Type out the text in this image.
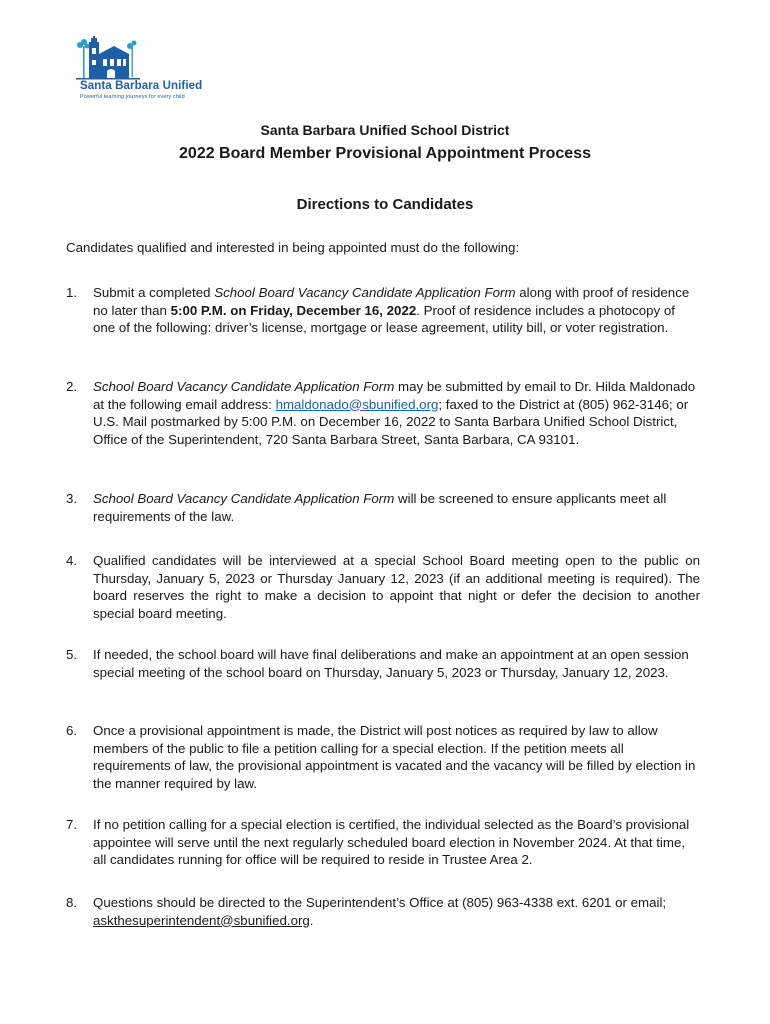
Santa Barbara Unified
Powerful learning journeys for every child
Santa Barbara Unified School District
2022 Board Member Provisional Appointment Process
Directions to Candidates
Candidates qualified and interested in being appointed must do the following:
1. Submit a completed School Board Vacancy Candidate Application Form along with proof of residence no later than 5:00 P.M. on Friday, December 16, 2022. Proof of residence includes a photocopy of one of the following: driver’s license, mortgage or lease agreement, utility bill, or voter registration.
2. School Board Vacancy Candidate Application Form may be submitted by email to Dr. Hilda Maldonado at the following email address: hmaldonado@sbunified.org; faxed to the District at (805) 962-3146; or U.S. Mail postmarked by 5:00 P.M. on December 16, 2022 to Santa Barbara Unified School District, Office of the Superintendent, 720 Santa Barbara Street, Santa Barbara, CA 93101.
3. School Board Vacancy Candidate Application Form will be screened to ensure applicants meet all requirements of the law.
4. Qualified candidates will be interviewed at a special School Board meeting open to the public on Thursday, January 5, 2023 or Thursday January 12, 2023 (if an additional meeting is required). The board reserves the right to make a decision to appoint that night or defer the decision to another special board meeting.
5. If needed, the school board will have final deliberations and make an appointment at an open session special meeting of the school board on Thursday, January 5, 2023 or Thursday, January 12, 2023.
6. Once a provisional appointment is made, the District will post notices as required by law to allow members of the public to file a petition calling for a special election. If the petition meets all requirements of law, the provisional appointment is vacated and the vacancy will be filled by election in the manner required by law.
7. If no petition calling for a special election is certified, the individual selected as the Board’s provisional appointee will serve until the next regularly scheduled board election in November 2024. At that time, all candidates running for office will be required to reside in Trustee Area 2.
8. Questions should be directed to the Superintendent’s Office at (805) 963-4338 ext. 6201 or email; askthesuperintendent@sbunified.org.
